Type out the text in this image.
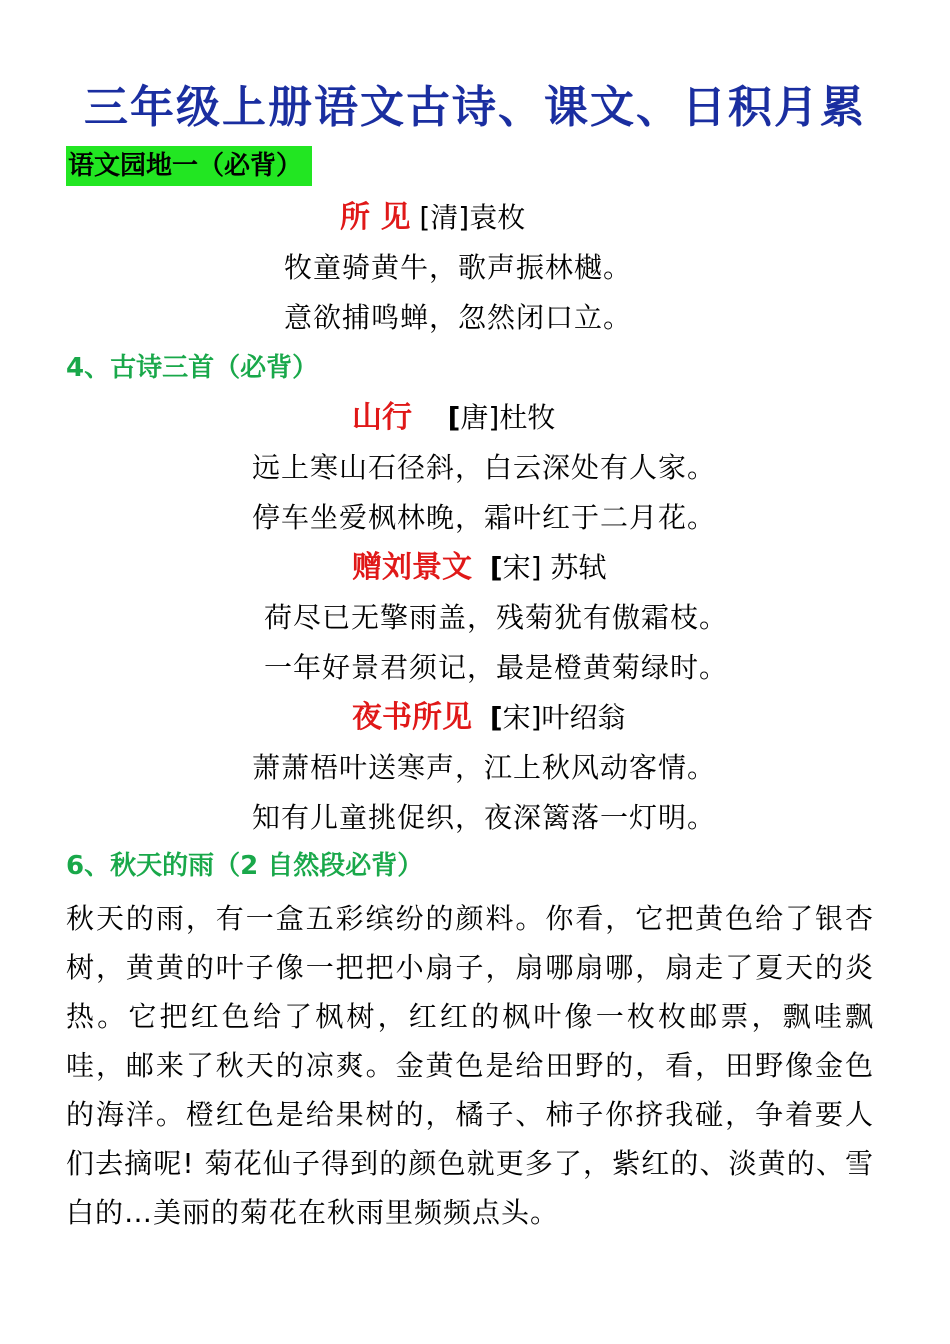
三年级上册语文古诗、课文、日积月累
语文园地一（必背）
所 见 [清]袁枚
牧童骑黄牛，歌声振林樾。
意欲捕鸣蝉，忽然闭口立。
4、古诗三首（必背）
山行 [唐]杜牧
远上寒山石径斜，白云深处有人家。
停车坐爱枫林晚，霜叶红于二月花。
赠刘景文 [宋] 苏轼
荷尽已无擎雨盖，残菊犹有傲霜枝。
一年好景君须记，最是橙黄菊绿时。
夜书所见 [宋]叶绍翁
萧萧梧叶送寒声，江上秋风动客情。
知有儿童挑促织，夜深篱落一灯明。
6、秋天的雨（2 自然段必背）
秋天的雨，有一盒五彩缤纷的颜料。你看，它把黄色给了银杏树，黄黄的叶子像一把把小扇子，扇哪扇哪，扇走了夏天的炎热。它把红色给了枫树，红红的枫叶像一枚枚邮票，飘哇飘哇，邮来了秋天的凉爽。金黄色是给田野的，看，田野像金色的海洋。橙红色是给果树的，橘子、柿子你挤我碰，争着要人们去摘呢! 菊花仙子得到的颜色就更多了，紫红的、淡黄的、雪白的…美丽的菊花在秋雨里频频点头。
